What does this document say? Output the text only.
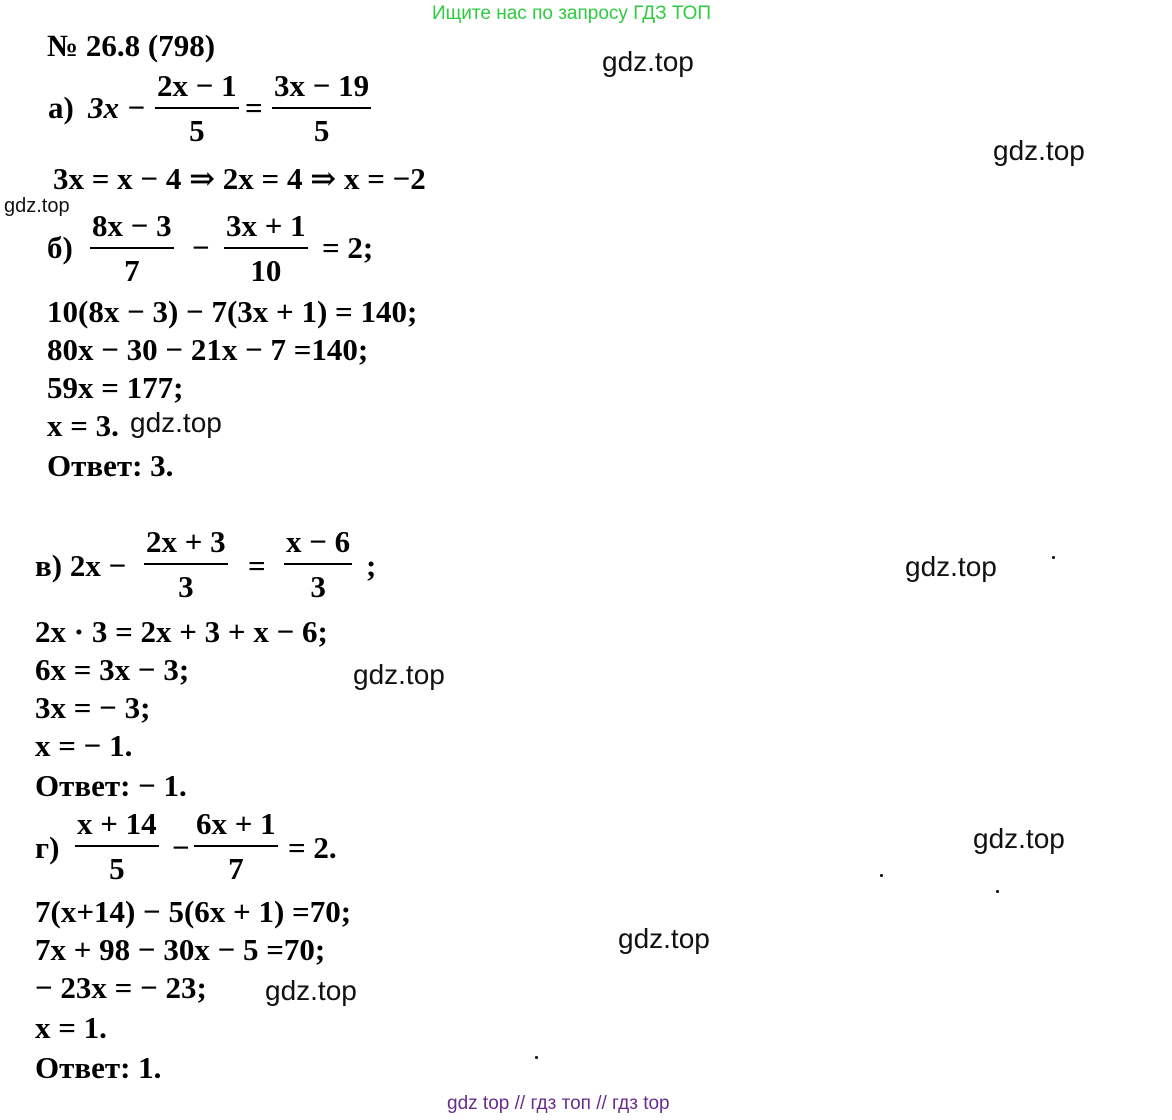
Ищите нас по запросу ГДЗ ТОП
№ 26.8 (798)
а) $3x - \frac{2x - 1}{5} = \frac{3x - 19}{5}$
3x = x − 4 ⇒ 2x = 4 ⇒ x = −2
$б) \frac{8x - 3}{7} - \frac{3x + 1}{10} = 2$;
10(8x − 3) − 7(3x + 1) = 140;
80x − 30 − 21x − 7 =140;
59x = 177;
x = 3.
Ответ: 3.
в) $2x - \frac{2x + 3}{3} = \frac{x - 6}{3}$ ;
2x · 3 = 2x + 3 + x − 6;
6x = 3x − 3;
3x = − 3;
x = − 1.
Ответ: − 1.
$г) \frac{x + 14}{5} - \frac{6x + 1}{7} = 2$.
7(x+14) − 5(6x + 1) =70;
7x + 98 − 30x − 5 =70;
− 23x = − 23;
x = 1.
Ответ: 1.
gdz.top
gdz.top
gdz.top
gdz.top
gdz.top
gdz.top
gdz.top
gdz.top
gdz.top
gdz top // гдз топ // гдз top
